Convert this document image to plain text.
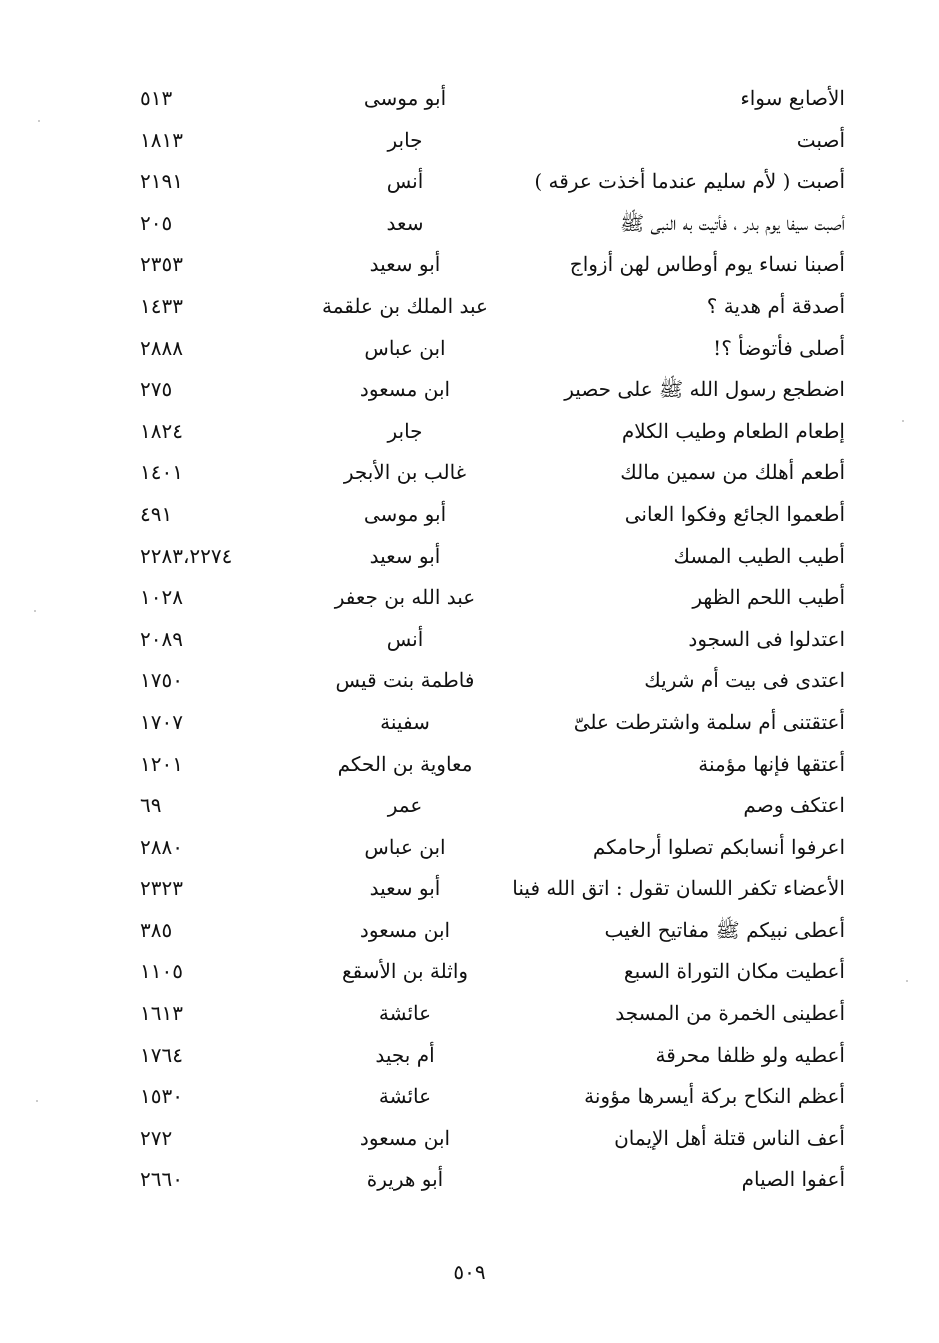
الأصابع سواء
أبو موسى
٥١٣
أصبت
جابر
١٨١٣
أصبت ( لأم سليم عندما أخذت عرقه )
أنس
٢١٩١
أصبت سيفا يوم بدر ، فأتيت به النبى ﷺ
سعد
٢٠٥
أصبنا نساء يوم أوطاس لهن أزواج
أبو سعيد
٢٣٥٣
أصدقة أم هدية ؟
عبد الملك بن علقمة
١٤٣٣
أصلى فأتوضأ ؟!
ابن عباس
٢٨٨٨
اضطجع رسول الله ﷺ على حصير
ابن مسعود
٢٧٥
إطعام الطعام وطيب الكلام
جابر
١٨٢٤
أطعم أهلك من سمين مالك
غالب بن الأبجر
١٤٠١
أطعموا الجائع وفكوا العانى
أبو موسى
٤٩١
أطيب الطيب المسك
أبو سعيد
٢٢٨٣،٢٢٧٤
أطيب اللحم الظهر
عبد الله بن جعفر
١٠٢٨
اعتدلوا فى السجود
أنس
٢٠٨٩
اعتدى فى بيت أم شريك
فاطمة بنت قيس
١٧٥٠
أعتقتنى أم سلمة واشترطت علىّ
سفينة
١٧٠٧
أعتقها فإنها مؤمنة
معاوية بن الحكم
١٢٠١
اعتكف وصم
عمر
٦٩
اعرفوا أنسابكم تصلوا أرحامكم
ابن عباس
٢٨٨٠
الأعضاء تكفر اللسان تقول : اتق الله فينا
أبو سعيد
٢٣٢٣
أعطى نبيكم ﷺ مفاتيح الغيب
ابن مسعود
٣٨٥
أعطيت مكان التوراة السبع
واثلة بن الأسقع
١١٠٥
أعطينى الخمرة من المسجد
عائشة
١٦١٣
أعطيه ولو ظلفا محرقة
أم بجيد
١٧٦٤
أعظم النكاح بركة أيسرها مؤونة
عائشة
١٥٣٠
أعف الناس قتلة أهل الإيمان
ابن مسعود
٢٧٢
أعفوا الصيام
أبو هريرة
٢٦٦٠
٥٠٩
